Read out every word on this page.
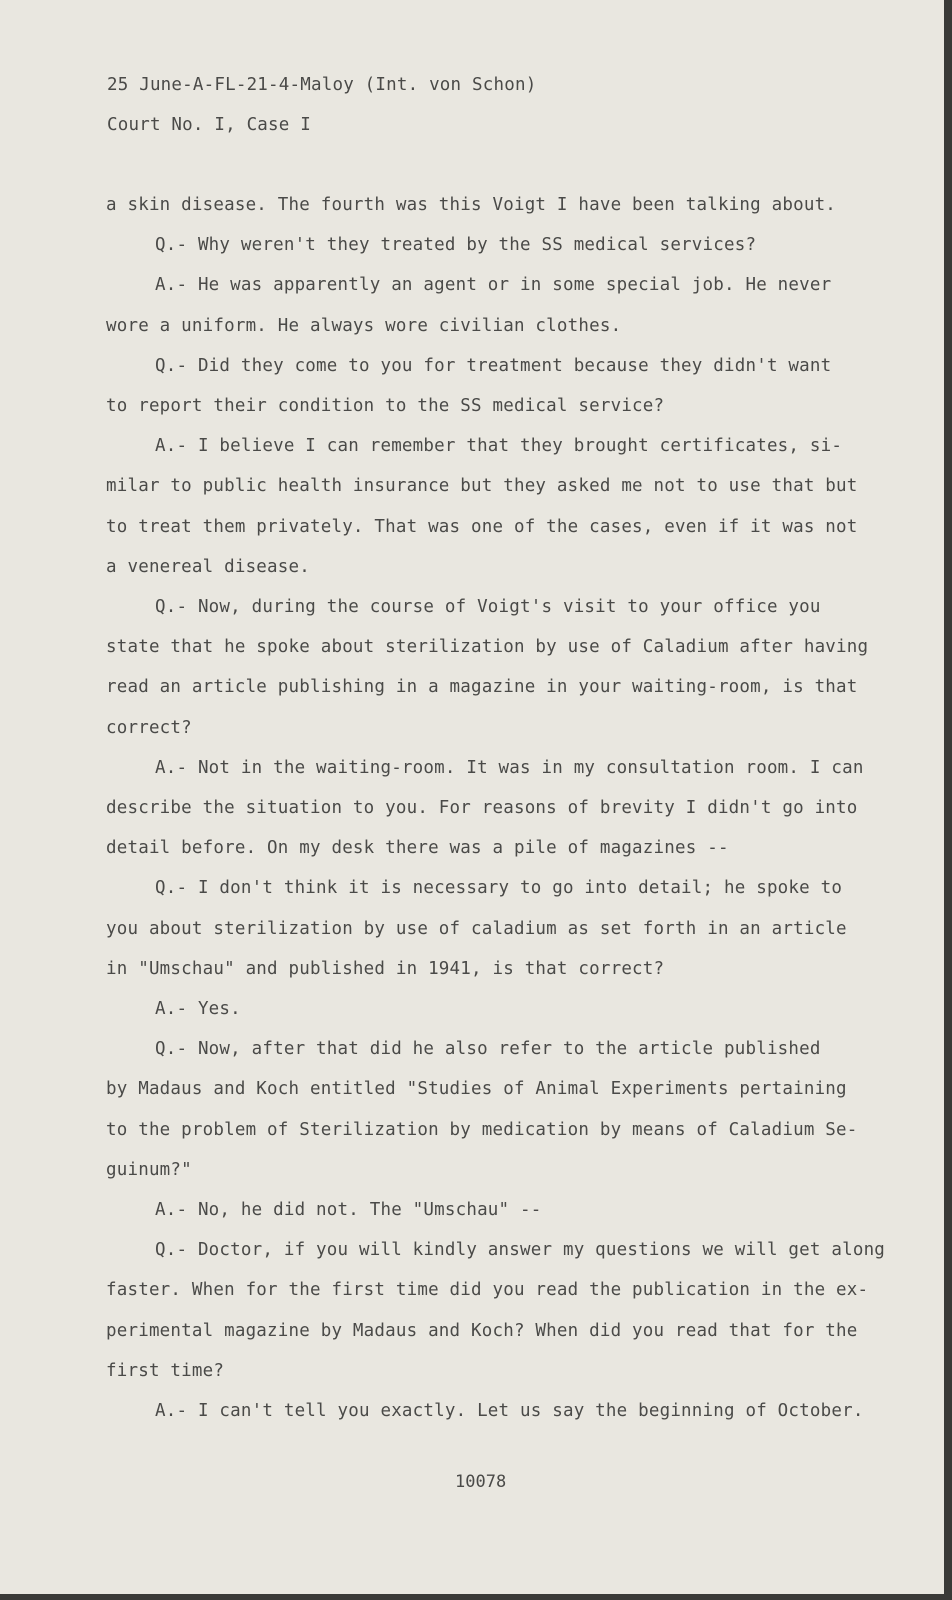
25 June-A-FL-21-4-Maloy (Int. von Schon)
Court No. I, Case I
a skin disease. The fourth was this Voigt I have been talking about.
Q.- Why weren't they treated by the SS medical services?
A.- He was apparently an agent or in some special job. He never
wore a uniform. He always wore civilian clothes.
Q.- Did they come to you for treatment because they didn't want
to report their condition to the SS medical service?
A.- I believe I can remember that they brought certificates, si-
milar to public health insurance but they asked me not to use that but
to treat them privately. That was one of the cases, even if it was not
a venereal disease.
Q.- Now, during the course of Voigt's visit to your office you
state that he spoke about sterilization by use of Caladium after having
read an article publishing in a magazine in your waiting-room, is that
correct?
A.- Not in the waiting-room. It was in my consultation room. I can
describe the situation to you. For reasons of brevity I didn't go into
detail before. On my desk there was a pile of magazines --
Q.- I don't think it is necessary to go into detail; he spoke to
you about sterilization by use of caladium as set forth in an article
in "Umschau" and published in 1941, is that correct?
A.- Yes.
Q.- Now, after that did he also refer to the article published
by Madaus and Koch entitled "Studies of Animal Experiments pertaining
to the problem of Sterilization by medication by means of Caladium Se-
guinum?"
A.- No, he did not. The "Umschau" --
Q.- Doctor, if you will kindly answer my questions we will get along
faster. When for the first time did you read the publication in the ex-
perimental magazine by Madaus and Koch? When did you read that for the
first time?
A.- I can't tell you exactly. Let us say the beginning of October.
10078
